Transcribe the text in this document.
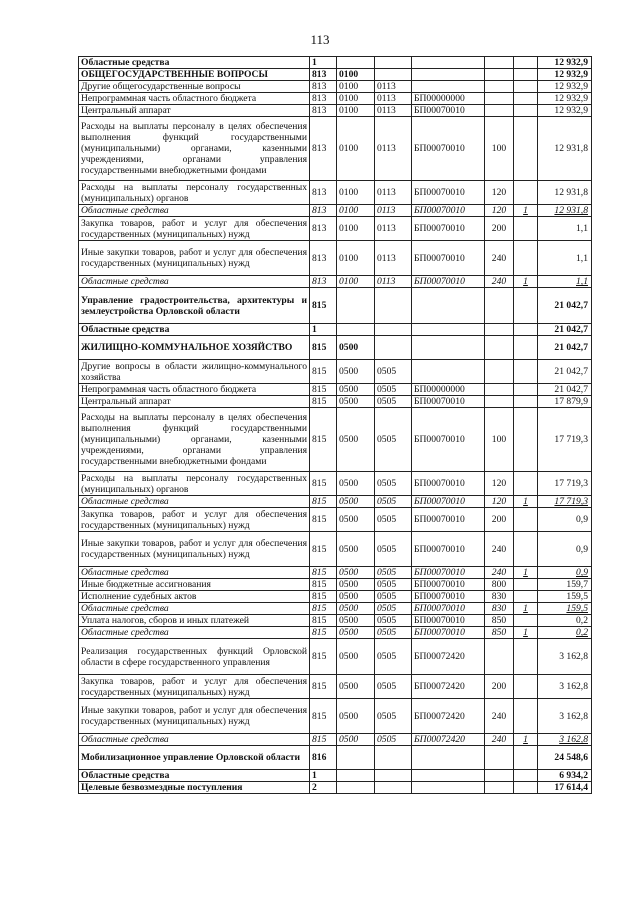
113
Областные средства	1						12 932,9
ОБЩЕГОСУДАРСТВЕННЫЕ ВОПРОСЫ	813	0100					12 932,9
Другие общегосударственные вопросы	813	0100	0113				12 932,9
Непрограммная часть областного бюджета	813	0100	0113	БП00000000			12 932,9
Центральный аппарат	813	0100	0113	БП00070010			12 932,9
Расходы на выплаты персоналу в целях обеспечения выполнения функций государственными (муниципальными) органами, казенными учреждениями, органами управления государственными внебюджетными фондами	813	0100	0113	БП00070010	100		12 931,8
Расходы на выплаты персоналу государственных (муниципальных) органов	813	0100	0113	БП00070010	120		12 931,8
Областные средства	813	0100	0113	БП00070010	120	1	12 931,8
Закупка товаров, работ и услуг для обеспечения государственных (муниципальных) нужд	813	0100	0113	БП00070010	200		1,1
Иные закупки товаров, работ и услуг для обеспечения государственных (муниципальных) нужд	813	0100	0113	БП00070010	240		1,1
Областные средства	813	0100	0113	БП00070010	240	1	1,1
Управление градостроительства, архитектуры и землеустройства Орловской области	815						21 042,7
Областные средства	1						21 042,7
ЖИЛИЩНО-КОММУНАЛЬНОЕ ХОЗЯЙСТВО	815	0500					21 042,7
Другие вопросы в области жилищно-коммунального хозяйства	815	0500	0505				21 042,7
Непрограммная часть областного бюджета	815	0500	0505	БП00000000			21 042,7
Центральный аппарат	815	0500	0505	БП00070010			17 879,9
Расходы на выплаты персоналу в целях обеспечения выполнения функций государственными (муниципальными) органами, казенными учреждениями, органами управления государственными внебюджетными фондами	815	0500	0505	БП00070010	100		17 719,3
Расходы на выплаты персоналу государственных (муниципальных) органов	815	0500	0505	БП00070010	120		17 719,3
Областные средства	815	0500	0505	БП00070010	120	1	17 719,3
Закупка товаров, работ и услуг для обеспечения государственных (муниципальных) нужд	815	0500	0505	БП00070010	200		0,9
Иные закупки товаров, работ и услуг для обеспечения государственных (муниципальных) нужд	815	0500	0505	БП00070010	240		0,9
Областные средства	815	0500	0505	БП00070010	240	1	0,9
Иные бюджетные ассигнования	815	0500	0505	БП00070010	800		159,7
Исполнение судебных актов	815	0500	0505	БП00070010	830		159,5
Областные средства	815	0500	0505	БП00070010	830	1	159,5
Уплата налогов, сборов и иных платежей	815	0500	0505	БП00070010	850		0,2
Областные средства	815	0500	0505	БП00070010	850	1	0,2
Реализация государственных функций Орловской области в сфере государственного управления	815	0500	0505	БП00072420			3 162,8
Закупка товаров, работ и услуг для обеспечения государственных (муниципальных) нужд	815	0500	0505	БП00072420	200		3 162,8
Иные закупки товаров, работ и услуг для обеспечения государственных (муниципальных) нужд	815	0500	0505	БП00072420	240		3 162,8
Областные средства	815	0500	0505	БП00072420	240	1	3 162,8
Мобилизационное управление Орловской области	816						24 548,6
Областные средства	1						6 934,2
Целевые безвозмездные поступления	2						17 614,4
